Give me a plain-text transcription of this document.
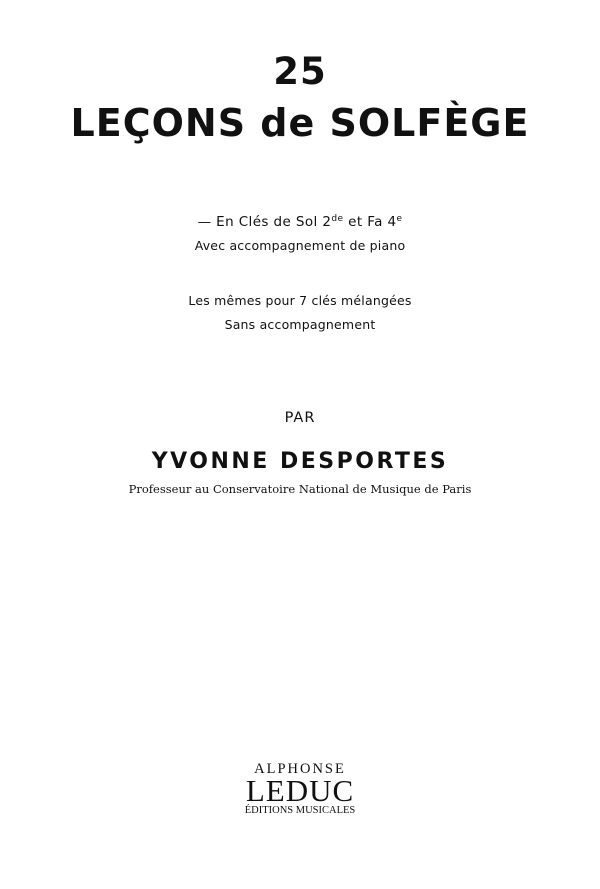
25
LEÇONS de SOLFÈGE
— En Clés de Sol 2de et Fa 4e
Avec accompagnement de piano
Les mêmes pour 7 clés mélangées
Sans accompagnement
PAR
YVONNE DESPORTES
Professeur au Conservatoire National de Musique de Paris
ALPHONSE
LEDUC
ÉDITIONS MUSICALES
